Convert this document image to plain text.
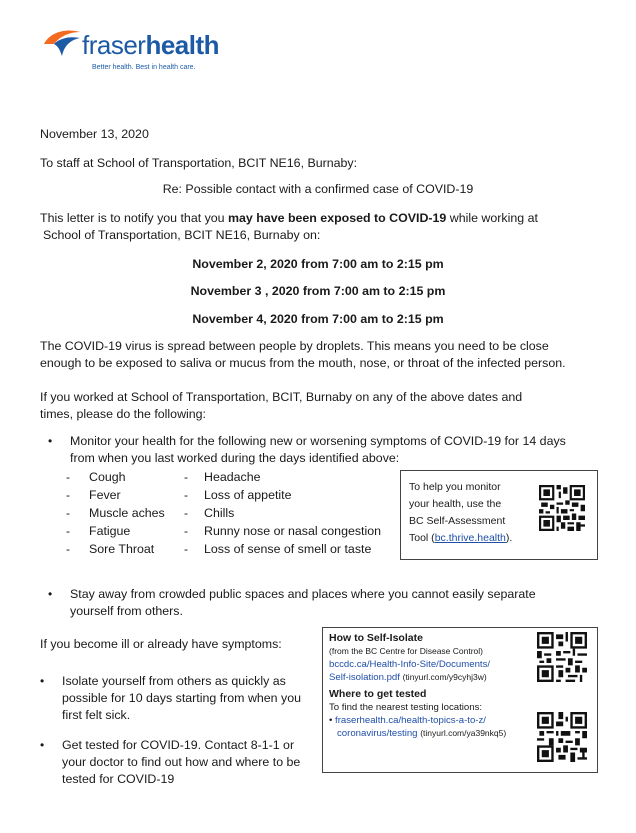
fraserhealth
Better health. Best in health care.
November 13, 2020
To staff at School of Transportation, BCIT NE16, Burnaby:
Re: Possible contact with a confirmed case of COVID-19
This letter is to notify you that you may have been exposed to COVID-19 while working at
School of Transportation, BCIT NE16, Burnaby on:
November 2, 2020 from 7:00 am to 2:15 pm
November 3 , 2020 from 7:00 am to 2:15 pm
November 4, 2020 from 7:00 am to 2:15 pm
The COVID-19 virus is spread between people by droplets. This means you need to be close
enough to be exposed to saliva or mucus from the mouth, nose, or throat of the infected person.
If you worked at School of Transportation, BCIT, Burnaby on any of the above dates and
times, please do the following:
• Monitor your health for the following new or worsening symptoms of COVID-19 for 14 days
from when you last worked during the days identified above:
- Cough
- Fever
- Muscle aches
- Fatigue
- Sore Throat
- Headache
- Loss of appetite
- Chills
- Runny nose or nasal congestion
- Loss of sense of smell or taste
To help you monitor
your health, use the
BC Self-Assessment
Tool (bc.thrive.health).
• Stay away from crowded public spaces and places where you cannot easily separate
yourself from others.
If you become ill or already have symptoms:
• Isolate yourself from others as quickly as
possible for 10 days starting from when you
first felt sick.
• Get tested for COVID-19. Contact 8-1-1 or
your doctor to find out how and where to be
tested for COVID-19
How to Self-Isolate
(from the BC Centre for Disease Control)
bccdc.ca/Health-Info-Site/Documents/
Self-isolation.pdf (tinyurl.com/y9cyhj3w)
Where to get tested
To find the nearest testing locations:
• fraserhealth.ca/health-topics-a-to-z/
coronavirus/testing (tinyurl.com/ya39nkq5)
